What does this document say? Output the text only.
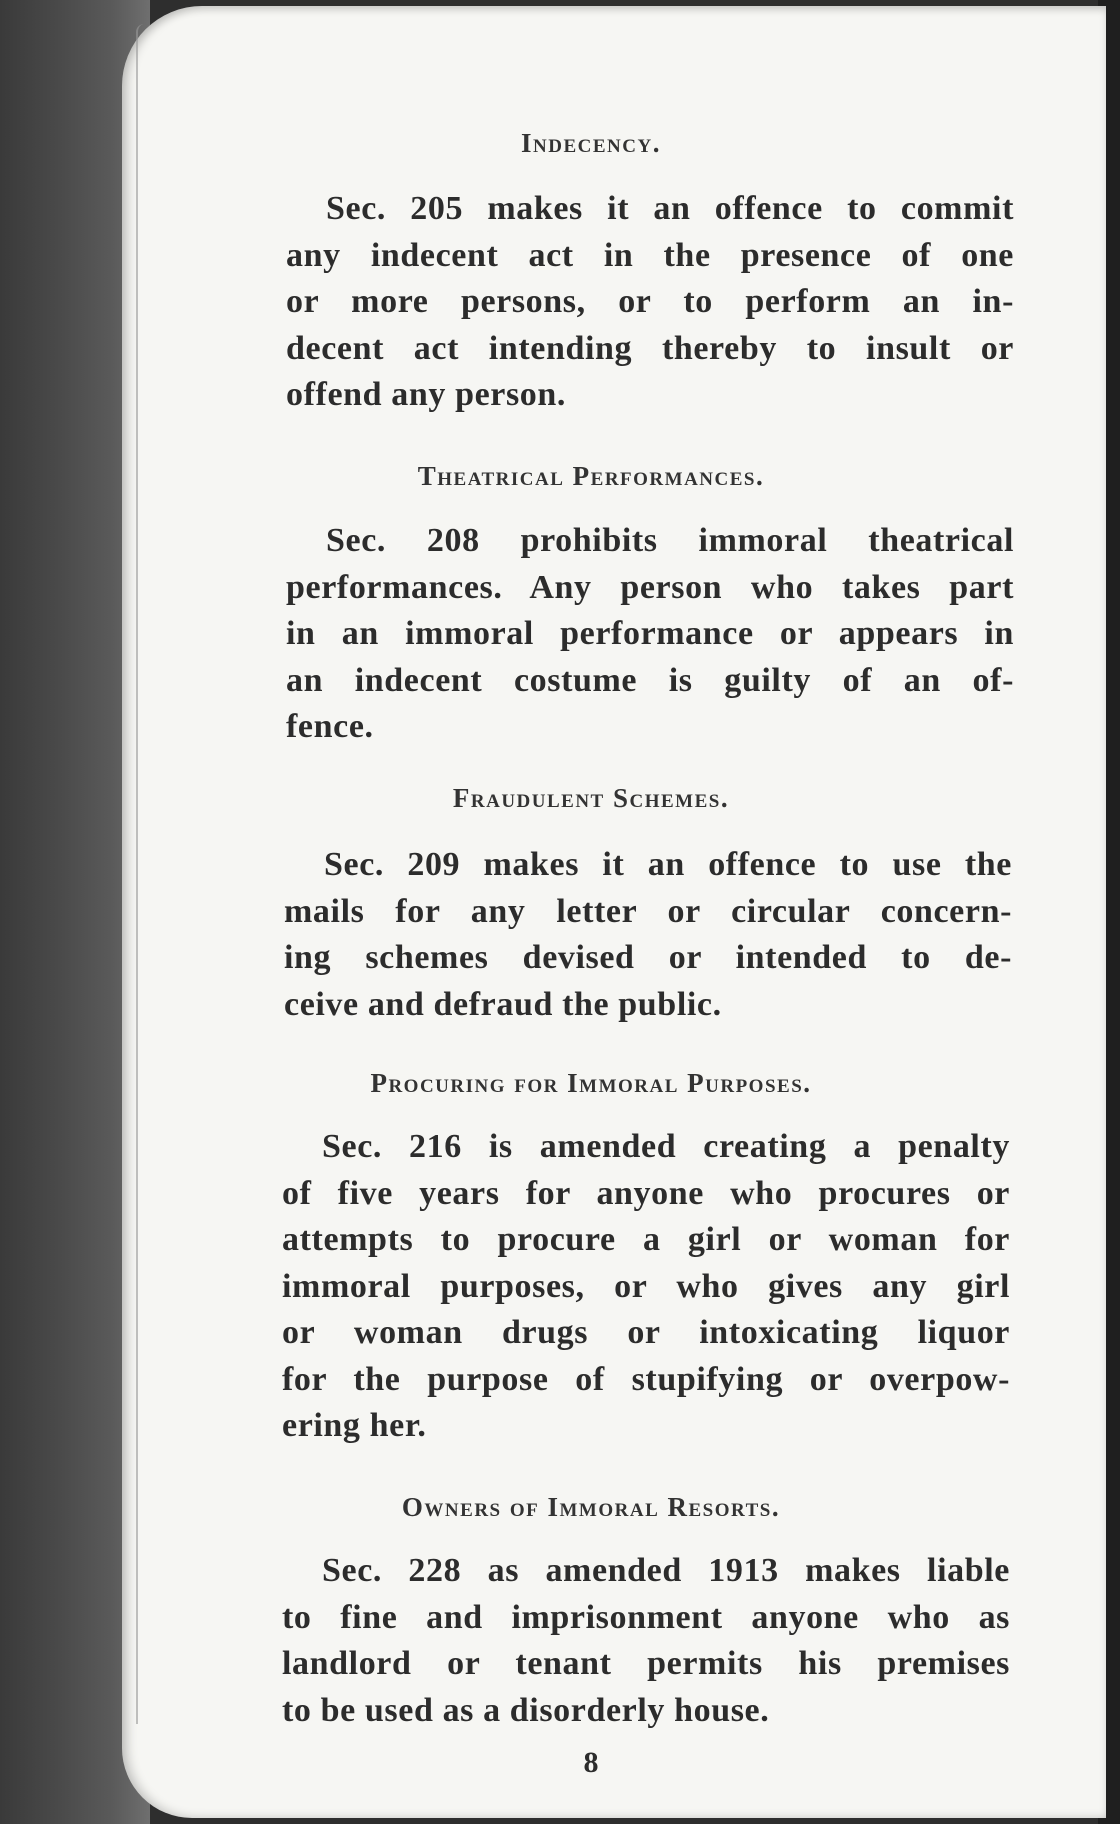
Indecency.
Sec. 205 makes it an offence to commit
any indecent act in the presence of one
or more persons, or to perform an in-
decent act intending thereby to insult or
offend any person.
Theatrical Performances.
Sec. 208 prohibits immoral theatrical
performances. Any person who takes part
in an immoral performance or appears in
an indecent costume is guilty of an of-
fence.
Fraudulent Schemes.
Sec. 209 makes it an offence to use the
mails for any letter or circular concern-
ing schemes devised or intended to de-
ceive and defraud the public.
Procuring for Immoral Purposes.
Sec. 216 is amended creating a penalty
of five years for anyone who procures or
attempts to procure a girl or woman for
immoral purposes, or who gives any girl
or woman drugs or intoxicating liquor
for the purpose of stupifying or overpow-
ering her.
Owners of Immoral Resorts.
Sec. 228 as amended 1913 makes liable
to fine and imprisonment anyone who as
landlord or tenant permits his premises
to be used as a disorderly house.
8
